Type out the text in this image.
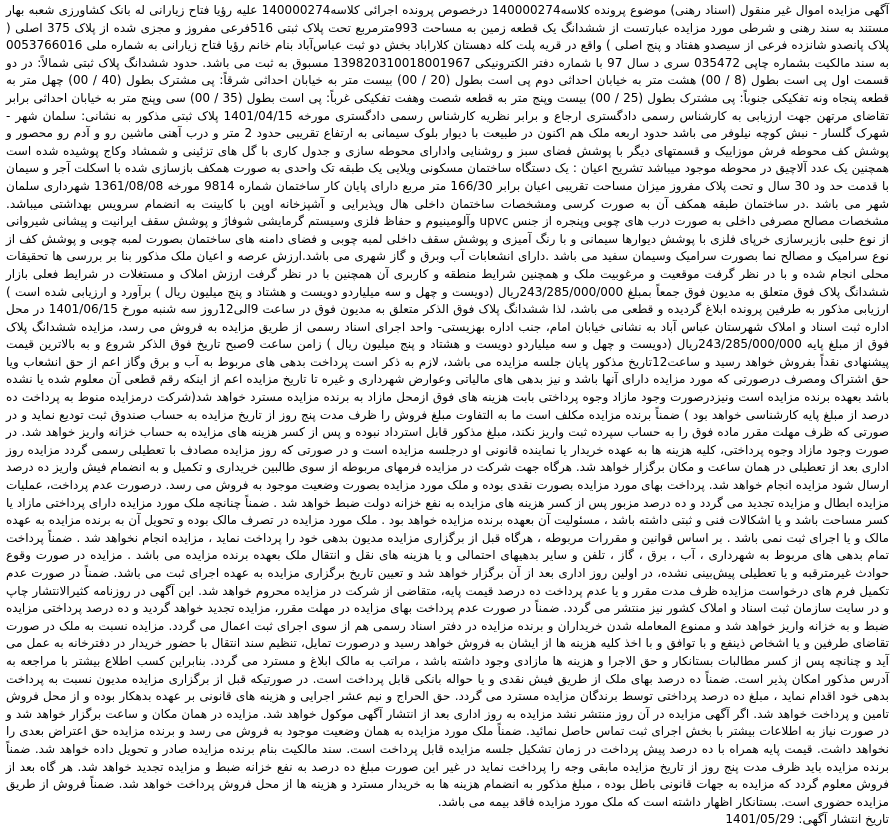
آگهی مزایده اموال غیر منقول (اسناد رهنی) موضوع پرونده کلاسه140000274 درخصوص پرونده اجرائی کلاسه140000274 علیه رؤیا فتاح زیارانی له بانک کشاورزی شعبه بهار مستند به سند رهنی و شرطی مورد مزایده عبارتست از ششدانگ یک قطعه زمین به مساحت 993مترمربع تحت پلاک ثبتی 516فرعی مفروز و مجزی شده از پلاک 375 اصلی ( پلاک پانصدو شانزده فرعی از سیصدو هفتاد و پنج اصلی ) واقع در قریه پلت کله دهستان کلاراباد بخش دو ثبت عباس‌آباد بنام خانم رؤیا فتاح زیارانی به شماره ملی 0053766016 به سند مالکیت بشماره چاپی 035472 سری د سال 97 با شماره دفتر الکترونیکی 139820310018001967 مسبوق به ثبت می باشد. حدود ششدانگ پلاک ثبتی شمالاً: در دو قسمت اول پی است بطول (8 / 00) هشت متر به خیابان احداثی دوم پی است بطول (20 / 00) بیست متر به خیابان احداثی شرقاً: پی مشترک بطول (40 / 00) چهل متر به قطعه پنجاه ونه تفکیکی جنوباً: پی مشترک بطول (25 / 00) بیست وپنج متر به قطعه شصت وهفت تفکیکی غرباً: پی است بطول (35 / 00) سی وپنج متر به خیابان احداثی برابر تقاضای مرتهن جهت ارزیابی به کارشناس رسمی دادگستری ارجاع و برابر نظریه کارشناس رسمی دادگستری مورخه 1401/04/15 پلاک ثبتی مذکور به نشانی: سلمان شهر - شهرک گلسار - نبش کوچه نیلوفر می باشد حدود اربعه ملک هم اکنون در طبیعت با دیوار بلوک سیمانی به ارتفاع تقریبی حدود 2 متر و درب آهنی ماشین رو و آدم رو محصور و پوشش کف محوطه فرش موزاییک و قسمتهای دیگر با پوشش فضای سبز و روشنایی وادارای محوطه سازی و جدول کاری با گل های تزئینی و شمشاد وکاج پوشیده شده است همچنین یک عدد آلاچیق در محوطه موجود میباشد تشریح اعیان : یک دستگاه ساختمان مسکونی ویلایی یک طبقه تک واحدی به صورت همکف بازسازی شده با اسکلت آجر و سیمان با قدمت حد ود 30 سال و تحت پلاک مفروز میزان مساحت تقریبی اعیان برابر 166/30 متر مربع دارای پایان کار ساختمان شماره 9814 مورخه 1361/08/08 شهرداری سلمان شهر می باشد .در ساختمان طبقه همکف آن به صورت کرسی ومشخصات ساختمان داخلی هال وپذیرایی و آشپزخانه اوپن با کابینت به انضمام سرویس بهداشتی میباشد. مشخصات مصالح مصرفی داخلی به صورت درب های چوبی وپنجره از جنس upvc وآلومینیوم و حفاظ فلزی وسیستم گرمایشی شوفاژ و پوشش سقف ایرانیت و پیشانی شیروانی از نوع حلبی بازیرسازی خرپای فلزی با پوشش دیوارها سیمانی و با رنگ آمیزی و پوشش سقف داخلی لمبه چوبی و فضای دامنه های ساختمان بصورت لمبه چوبی و پوشش کف از نوع سرامیک و مصالح نما بصورت سرامیک وسیمان سفید می باشد .دارای انشعابات آب وبرق و گاز شهری می باشد.ارزش عرصه و اعیان ملک مذکور بنا بر بررسی ها تحقیقات محلی انجام شده و با در نظر گرفت موقعیت و مرغوبیت ملک و همچنین شرایط منطقه و کاربری آن همچنین با در نظر گرفت ارزش املاک و مستغلات در شرایط فعلی بازار ششدانگ پلاک فوق متعلق به مدیون فوق جمعاً بمبلغ 243/285/000/000ریال (دویست و چهل و سه میلیاردو دویست و هشتاد و پنج میلیون ریال ) برآورد و ارزیابی شده است ) ارزیابی مذکور به طرفین پرونده ابلاغ گردیده و قطعی می باشد، لذا ششدانگ پلاک فوق الذکر متعلق به مدیون فوق در ساعت 9الی12روز سه شنبه مورخ 1401/06/15 در محل اداره ثبت اسناد و املاک شهرستان عباس آباد به نشانی خیابان امام، جنب اداره بهزیستی- واحد اجرای اسناد رسمی از طریق مزایده به فروش می رسد، مزایده ششدانگ پلاک فوق از مبلغ پایه 243/285/000/000ریال (دویست و چهل و سه میلیاردو دویست و هشتاد و پنج میلیون ریال ) زامن ساعت 9صبح تاریخ فوق الذکر شروع و به بالاترین قیمت پیشنهادی نقداً بفروش خواهد رسید و ساعت12تاریخ مذکور پایان جلسه مزایده می باشد، لازم به ذکر است پرداخت بدهی های مربوط به آب و برق وگاز اعم از حق انشعاب ویا حق اشتراک ومصرف درصورتی که مورد مزایده دارای آنها باشد و نیز بدهی های مالیاتی وعوارض شهرداری و غیره تا تاریخ مزایده اعم از اینکه رقم قطعی آن معلوم شده یا نشده باشد بعهده برنده مزایده است ونیزدرصورت وجود مازاد وجوه پرداختی بابت هزینه های فوق ازمحل مازاد به برنده مزایده مسترد خواهد شد(شرکت درمزایده منوط به پرداخت ده درصد از مبلغ پایه کارشناسی خواهد بود ) ضمناً برنده مزایده مکلف است ما به التفاوت مبلغ فروش را ظرف مدت پنج روز از تاریخ مزایده به حساب صندوق ثبت تودیع نماید و در صورتی که ظرف مهلت مقرر ماده فوق را به حساب سپرده ثبت واریز نکند، مبلغ مذکور قابل استرداد نبوده و پس از کسر هزینه های مزایده به حساب خزانه واریز خواهد شد. در صورت وجود مازاد وجوه پرداختی، کلیه هزینه ها به عهده خریدار یا نماینده قانونی او درجلسه مزایده است و در صورتی که روز مزایده مصادف با تعطیلی رسمی گردد مزایده روز اداری بعد از تعطیلی در همان ساعت و مکان برگزار خواهد شد. هرگاه جهت شرکت در مزایده فرمهای مربوطه از سوی طالبین خریداری و تکمیل و به انضمام فیش واریز ده درصد ارسال شود مزایده انجام خواهد شد. پرداخت بهای مورد مزایده بصورت نقدی بوده و ملک مورد مزایده بصورت وضعیت موجود به فروش می رسد. درصورت عدم پرداخت، عملیات مزایده ابطال و مزایده تجدید می گردد و ده درصد مزبور پس از کسر هزینه های مزایده به نفع خزانه دولت ضبط خواهد شد . ضمناً چنانچه ملک مورد مزایده دارای پرداختی مازاد یا کسر مساحت باشد و یا اشکالات فنی و ثبتی داشته باشد ، مسئولیت آن بعهده برنده مزایده خواهد بود . ملک مورد مزایده در تصرف مالک بوده و تحویل آن به برنده مزایده به عهده مالک و یا اجرای ثبت نمی باشد . بر اساس قوانین و مقررات مربوطه ، هرگاه قبل از برگزاری مزایده مدیون بدهی خود را پرداخت نماید ، مزایده انجام نخواهد شد . ضمناً پرداخت تمام بدهی های مربوط به شهرداری ، آب ، برق ، گاز ، تلفن و سایر بدهیهای احتمالی و یا هزینه های نقل و انتقال ملک بعهده برنده مزایده می باشد . مزایده در صورت وقوع حوادث غیرمترقبه و یا تعطیلی پیش‌بینی نشده، در اولین روز اداری بعد از آن برگزار خواهد شد و تعیین تاریخ برگزاری مزایده به عهده اجرای ثبت می باشد. ضمناً در صورت عدم تکمیل فرم های درخواست مزایده ظرف مدت مقرر و یا عدم پرداخت ده درصد قیمت پایه، متقاضی از شرکت در مزایده محروم خواهد شد. این آگهی در روزنامه کثیرالانتشار چاپ و در سایت سازمان ثبت اسناد و املاک کشور نیز منتشر می گردد. ضمناً در صورت عدم پرداخت بهای مزایده در مهلت مقرر، مزایده تجدید خواهد گردید و ده درصد پرداختی مزایده ضبط و به خزانه واریز خواهد شد و ممنوع المعامله شدن خریداران و برنده مزایده در دفتر اسناد رسمی هم از سوی اجرای ثبت اعمال می گردد. مزایده نسبت به ملک در صورت تقاضای طرفین و یا اشخاص ذینفع و با توافق و با اخذ کلیه هزینه ها از ایشان به فروش خواهد رسید و درصورت تمایل، تنظیم سند انتقال با حضور خریدار در دفترخانه به عمل می آید و چنانچه پس از کسر مطالبات بستانکار و حق الاجرا و هزینه ها مازادی وجود داشته باشد ، مراتب به مالک ابلاغ و مسترد می گردد. بنابراین کسب اطلاع بیشتر با مراجعه به آدرس مذکور امکان پذیر است. ضمناً ده درصد بهای ملک از طریق فیش نقدی و یا حواله بانکی قابل پرداخت است. در صورتیکه قبل از برگزاری مزایده مدیون نسبت به پرداخت بدهی خود اقدام نماید ، مبلغ ده درصد پرداختی توسط برندگان مزایده مسترد می گردد. حق الحراج و نیم عشر اجرایی و هزینه های قانونی بر عهده بدهکار بوده و از محل فروش تامین و پرداخت خواهد شد. اگر آگهی مزایده در آن روز منتشر نشد مزایده به روز اداری بعد از انتشار آگهی موکول خواهد شد. مزایده در همان مکان و ساعت برگزار خواهد شد و در صورت نیاز به اطلاعات بیشتر با بخش اجرای ثبت تماس حاصل نمائید. ضمناً ملک مورد مزایده به همان وضعیت موجود به فروش می رسد و برنده مزایده حق اعتراض بعدی را نخواهد داشت. قیمت پایه همراه با ده درصد پیش پرداخت در زمان تشکیل جلسه مزایده قابل پرداخت است. سند مالکیت بنام برنده مزایده صادر و تحویل داده خواهد شد. ضمناً برنده مزایده باید ظرف مدت پنج روز از تاریخ مزایده مابقی وجه را پرداخت نماید در غیر این صورت مبلغ ده درصد به نفع خزانه ضبط و مزایده تجدید خواهد شد. هر گاه بعد از فروش معلوم گردد که مزایده به جهات قانونی باطل بوده ، مبلغ مذکور به انضمام هزینه ها به خریدار مسترد و هزینه ها از محل فروش پرداخت خواهد شد. ضمناً فروش از طریق مزایده حضوری است. بستانکار اظهار داشته است که ملک مورد مزایده فاقد بیمه می باشد.

تاریخ انتشار آگهی: 1401/05/29
